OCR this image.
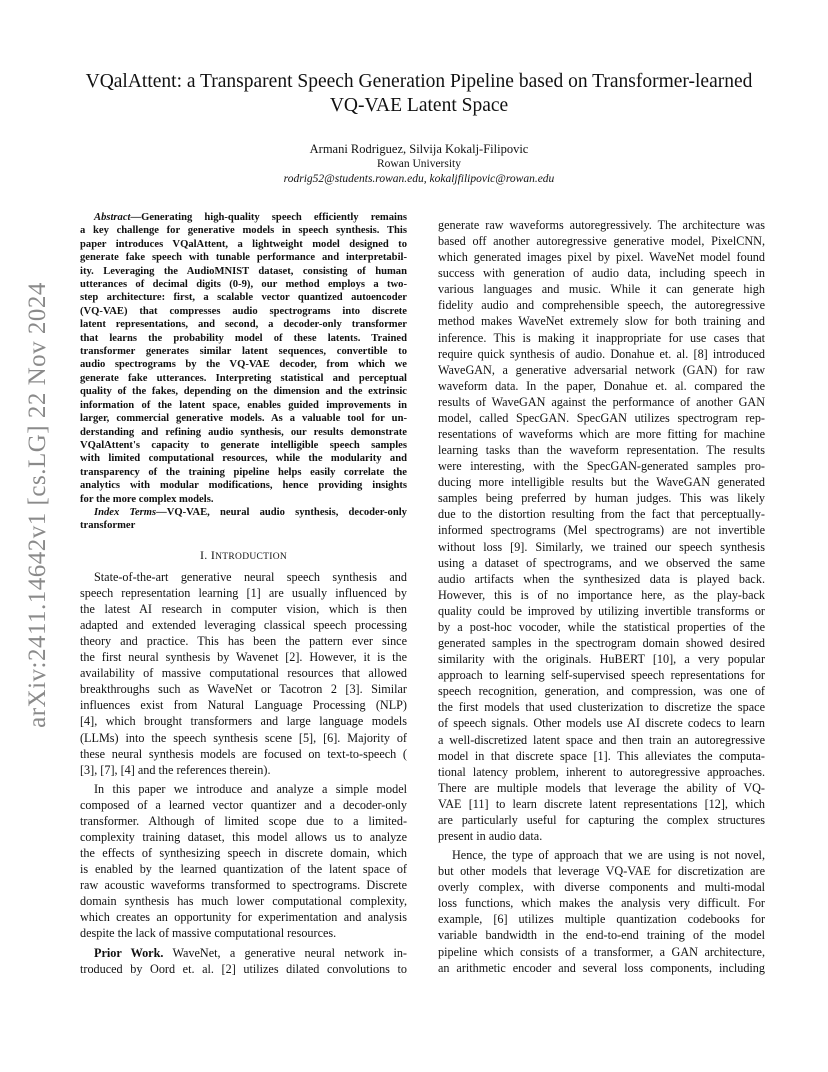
arXiv:2411.14642v1 [cs.LG] 22 Nov 2024
VQalAttent: a Transparent Speech Generation Pipeline based on Transformer-learned
VQ-VAE Latent Space
Armani Rodriguez, Silvija Kokalj-Filipovic
Rowan University
rodrig52@students.rowan.edu, kokaljfilipovic@rowan.edu
Abstract—Generating high-quality speech efficiently remains
a key challenge for generative models in speech synthesis. This
paper introduces VQalAttent, a lightweight model designed to
generate fake speech with tunable performance and interpretabil-
ity. Leveraging the AudioMNIST dataset, consisting of human
utterances of decimal digits (0-9), our method employs a two-
step architecture: first, a scalable vector quantized autoencoder
(VQ-VAE) that compresses audio spectrograms into discrete
latent representations, and second, a decoder-only transformer
that learns the probability model of these latents. Trained
transformer generates similar latent sequences, convertible to
audio spectrograms by the VQ-VAE decoder, from which we
generate fake utterances. Interpreting statistical and perceptual
quality of the fakes, depending on the dimension and the extrinsic
information of the latent space, enables guided improvements in
larger, commercial generative models. As a valuable tool for un-
derstanding and refining audio synthesis, our results demonstrate
VQalAttent's capacity to generate intelligible speech samples
with limited computational resources, while the modularity and
transparency of the training pipeline helps easily correlate the
analytics with modular modifications, hence providing insights
for the more complex models.
Index Terms—VQ-VAE, neural audio synthesis, decoder-only
transformer
I. INTRODUCTION
State-of-the-art generative neural speech synthesis and
speech representation learning [1] are usually influenced by
the latest AI research in computer vision, which is then
adapted and extended leveraging classical speech processing
theory and practice. This has been the pattern ever since
the first neural synthesis by Wavenet [2]. However, it is the
availability of massive computational resources that allowed
breakthroughs such as WaveNet or Tacotron 2 [3]. Similar
influences exist from Natural Language Processing (NLP)
[4], which brought transformers and large language models
(LLMs) into the speech synthesis scene [5], [6]. Majority of
these neural synthesis models are focused on text-to-speech (
[3], [7], [4] and the references therein).
In this paper we introduce and analyze a simple model
composed of a learned vector quantizer and a decoder-only
transformer. Although of limited scope due to a limited-
complexity training dataset, this model allows us to analyze
the effects of synthesizing speech in discrete domain, which
is enabled by the learned quantization of the latent space of
raw acoustic waveforms transformed to spectrograms. Discrete
domain synthesis has much lower computational complexity,
which creates an opportunity for experimentation and analysis
despite the lack of massive computational resources.
Prior Work. WaveNet, a generative neural network in-
troduced by Oord et. al. [2] utilizes dilated convolutions to
generate raw waveforms autoregressively. The architecture was
based off another autoregressive generative model, PixelCNN,
which generated images pixel by pixel. WaveNet model found
success with generation of audio data, including speech in
various languages and music. While it can generate high
fidelity audio and comprehensible speech, the autoregressive
method makes WaveNet extremely slow for both training and
inference. This is making it inappropriate for use cases that
require quick synthesis of audio. Donahue et. al. [8] introduced
WaveGAN, a generative adversarial network (GAN) for raw
waveform data. In the paper, Donahue et. al. compared the
results of WaveGAN against the performance of another GAN
model, called SpecGAN. SpecGAN utilizes spectrogram rep-
resentations of waveforms which are more fitting for machine
learning tasks than the waveform representation. The results
were interesting, with the SpecGAN-generated samples pro-
ducing more intelligible results but the WaveGAN generated
samples being preferred by human judges. This was likely
due to the distortion resulting from the fact that perceptually-
informed spectrograms (Mel spectrograms) are not invertible
without loss [9]. Similarly, we trained our speech synthesis
using a dataset of spectrograms, and we observed the same
audio artifacts when the synthesized data is played back.
However, this is of no importance here, as the play-back
quality could be improved by utilizing invertible transforms or
by a post-hoc vocoder, while the statistical properties of the
generated samples in the spectrogram domain showed desired
similarity with the originals. HuBERT [10], a very popular
approach to learning self-supervised speech representations for
speech recognition, generation, and compression, was one of
the first models that used clusterization to discretize the space
of speech signals. Other models use AI discrete codecs to learn
a well-discretized latent space and then train an autoregressive
model in that discrete space [1]. This alleviates the computa-
tional latency problem, inherent to autoregressive approaches.
There are multiple models that leverage the ability of VQ-
VAE [11] to learn discrete latent representations [12], which
are particularly useful for capturing the complex structures
present in audio data.
Hence, the type of approach that we are using is not novel,
but other models that leverage VQ-VAE for discretization are
overly complex, with diverse components and multi-modal
loss functions, which makes the analysis very difficult. For
example, [6] utilizes multiple quantization codebooks for
variable bandwidth in the end-to-end training of the model
pipeline which consists of a transformer, a GAN architecture,
an arithmetic encoder and several loss components, including
